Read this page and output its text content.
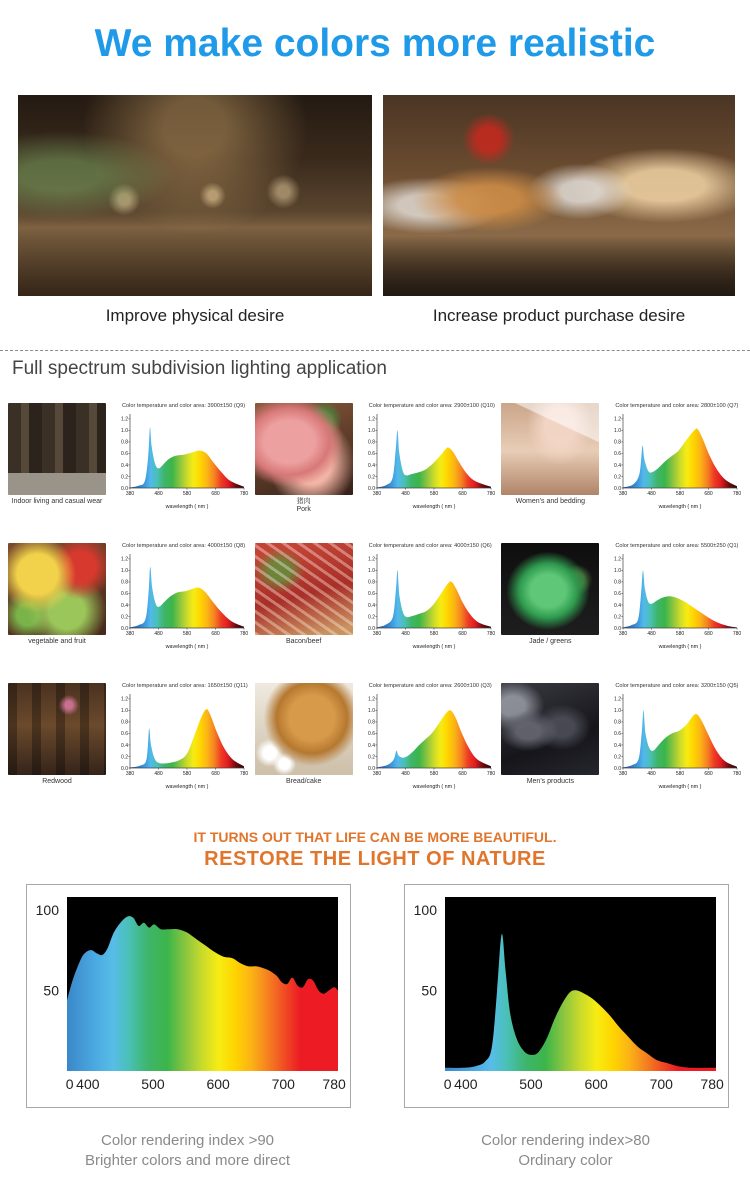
We make colors more realistic
Improve physical desire	Increase product purchase desire
Full spectrum subdivision lighting application
Indoor living and casual wear
Color temperature and color area: 3900±150 (Q9)
0.0
0.2
0.4
0.6
0.8
1.0
1.2
380	480	580	680	780
wavelength ( nm )
猪肉
Pork
Color temperature and color area: 2900±100 (Q10)
0.0
0.2
0.4
0.6
0.8
1.0
1.2
380	480	580	680	780
wavelength ( nm )
Women's and bedding
Color temperature and color area: 2800±100 (Q7)
0.0
0.2
0.4
0.6
0.8
1.0
1.2
380	480	580	680	780
wavelength ( nm )
vegetable and fruit
Color temperature and color area: 4000±150 (Q8)
0.0
0.2
0.4
0.6
0.8
1.0
1.2
380	480	580	680	780
wavelength ( nm )
Bacon/beef
Color temperature and color area: 4000±150 (Q6)
0.0
0.2
0.4
0.6
0.8
1.0
1.2
380	480	580	680	780
wavelength ( nm )
Jade / greens
Color temperature and color area: 5500±250 (Q1)
0.0
0.2
0.4
0.6
0.8
1.0
1.2
380	480	580	680	780
wavelength ( nm )
Redwood
Color temperature and color area: 1650±150 (Q11)
0.0
0.2
0.4
0.6
0.8
1.0
1.2
380	480	580	680	780
wavelength ( nm )
Bread/cake
Color temperature and color area: 2600±100 (Q3)
0.0
0.2
0.4
0.6
0.8
1.0
1.2
380	480	580	680	780
wavelength ( nm )
Men's products
Color temperature and color area: 3200±150 (Q5)
0.0
0.2
0.4
0.6
0.8
1.0
1.2
380	480	580	680	780
wavelength ( nm )
IT TURNS OUT THAT LIFE CAN BE MORE BEAUTIFUL.
RESTORE THE LIGHT OF NATURE
50
100
0 400	500	600	700 780
50
100
0 400	500	600	700 780
Color rendering index >90
Brighter colors and more direct
Color rendering index>80
Ordinary color
